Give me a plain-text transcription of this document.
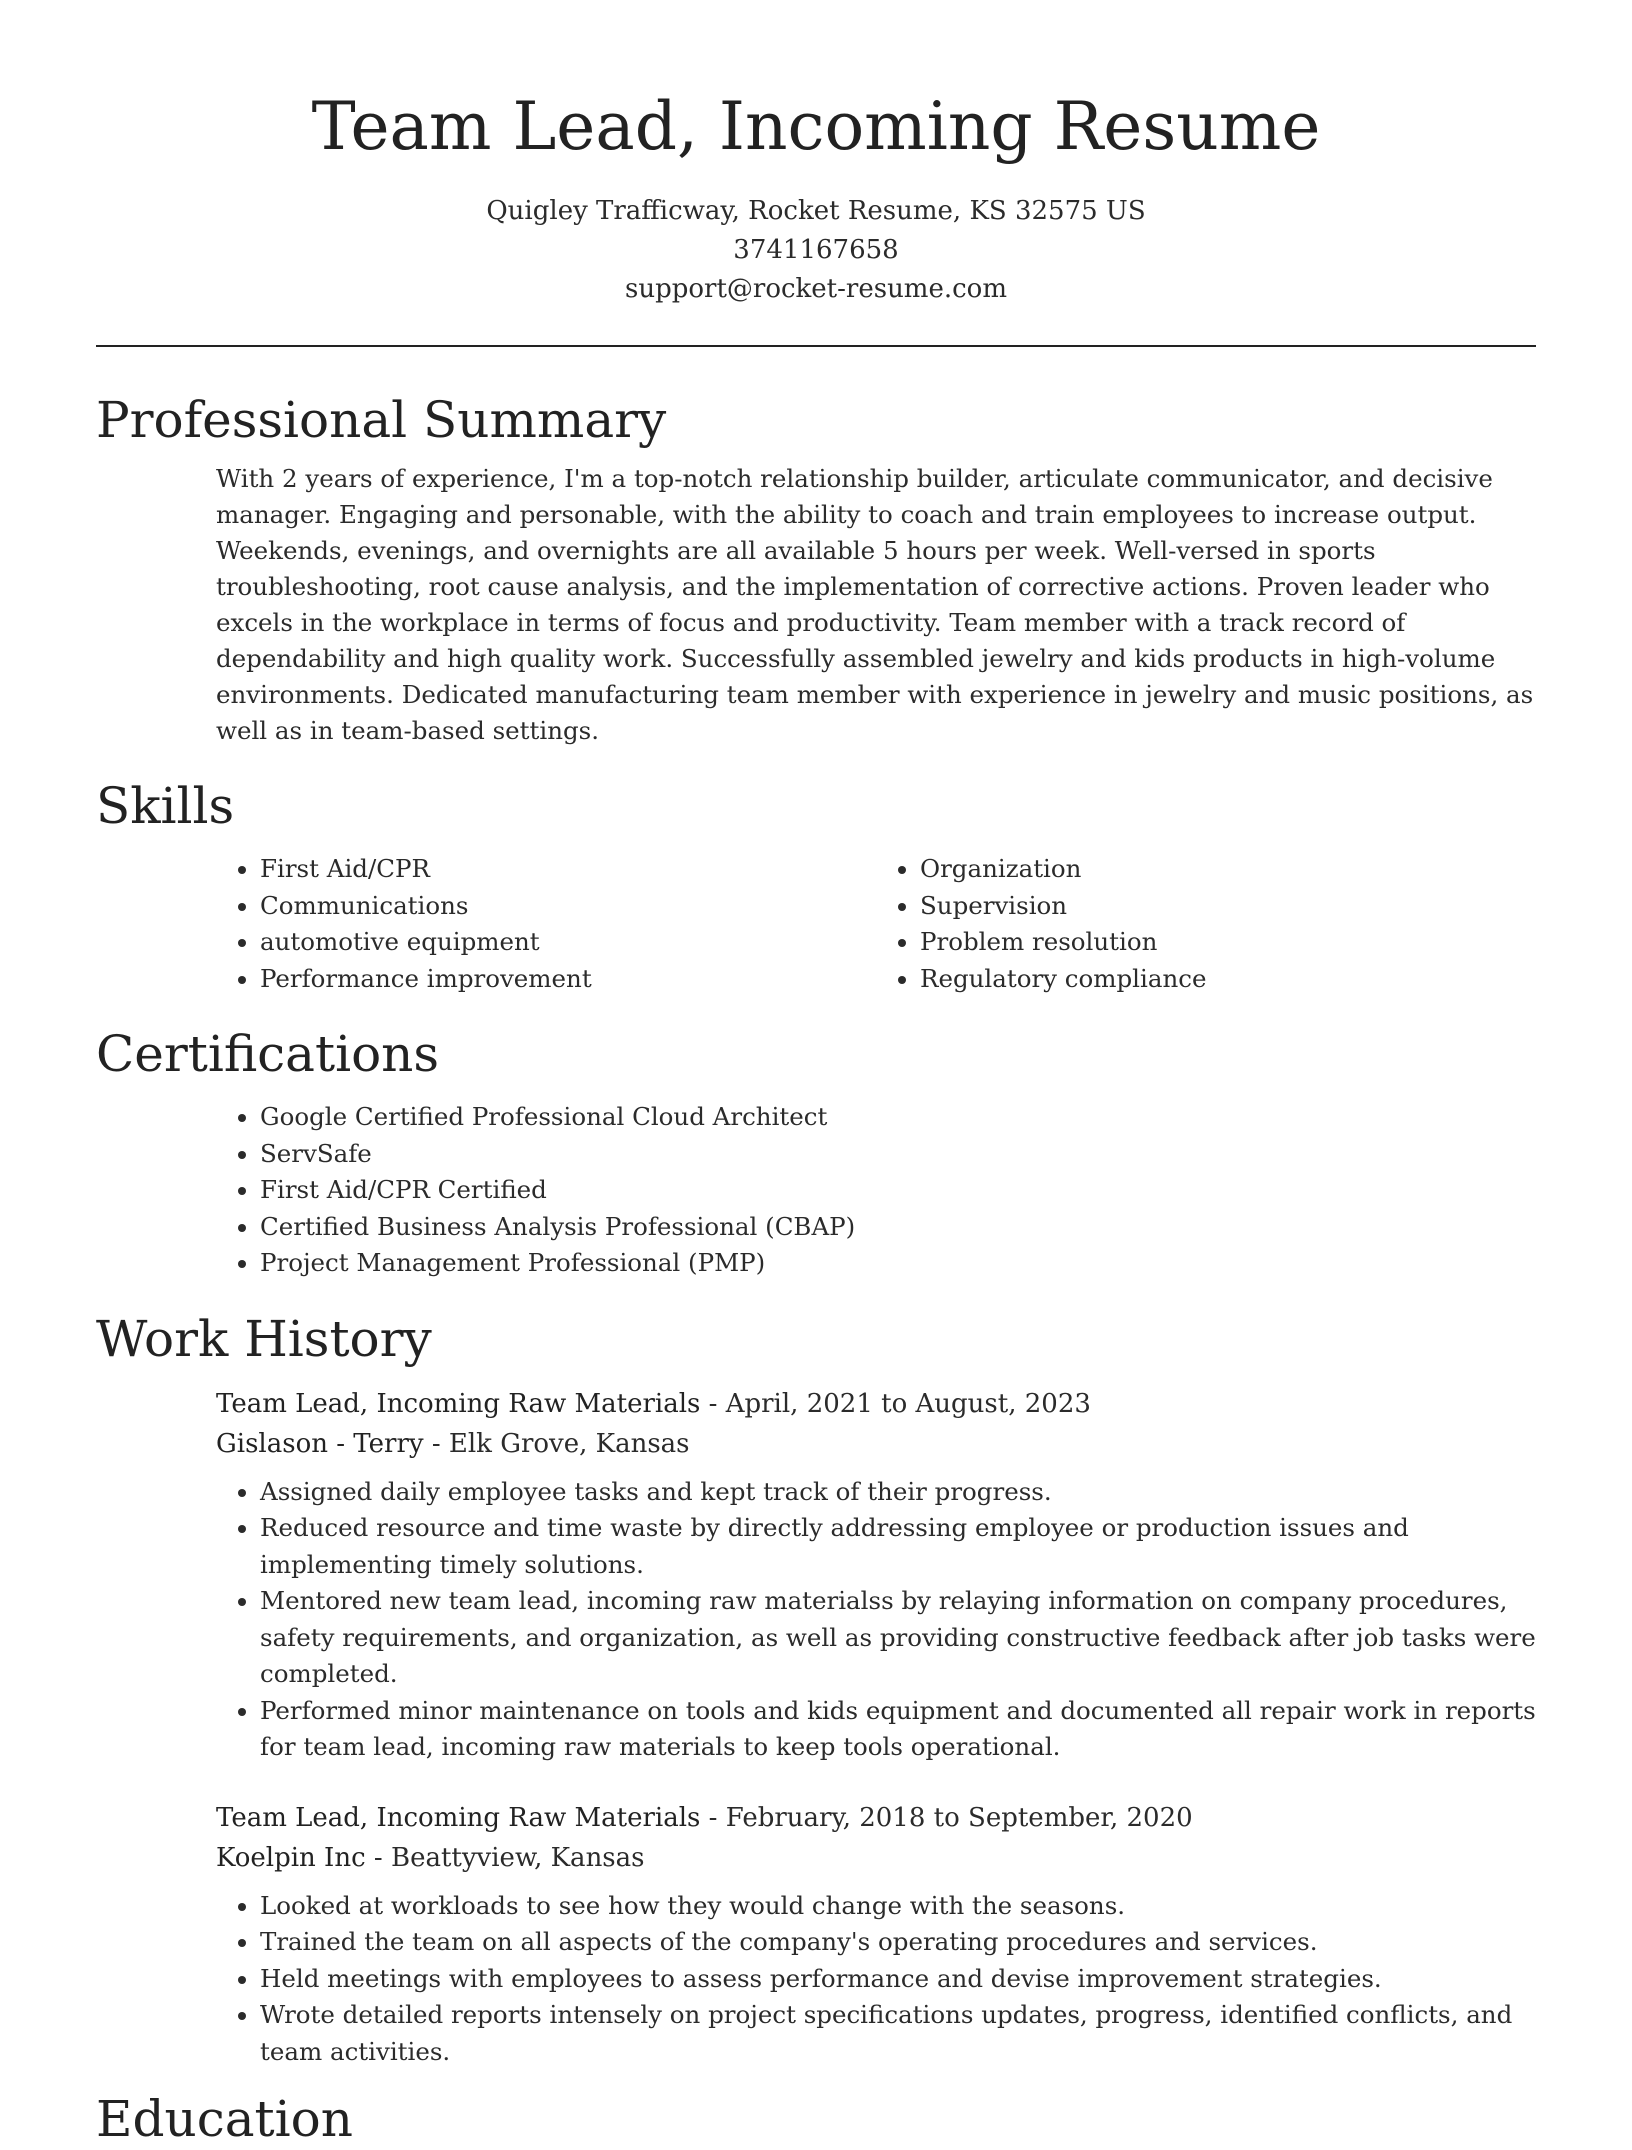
Team Lead, Incoming Resume
Quigley Trafficway, Rocket Resume, KS 32575 US
3741167658
support@rocket-resume.com
Professional Summary

With 2 years of experience, I'm a top-notch relationship builder, articulate communicator, and decisive manager. Engaging and personable, with the ability to coach and train employees to increase output. Weekends, evenings, and overnights are all available 5 hours per week. Well-versed in sports troubleshooting, root cause analysis, and the implementation of corrective actions. Proven leader who excels in the workplace in terms of focus and productivity. Team member with a track record of dependability and high quality work. Successfully assembled jewelry and kids products in high-volume environments. Dedicated manufacturing team member with experience in jewelry and music positions, as well as in team-based settings.

Skills
• First Aid/CPR
• Communications
• automotive equipment
• Performance improvement
• Organization
• Supervision
• Problem resolution
• Regulatory compliance
Certifications
• Google Certified Professional Cloud Architect
• ServSafe
• First Aid/CPR Certified
• Certified Business Analysis Professional (CBAP)
• Project Management Professional (PMP)
Work History
Team Lead, Incoming Raw Materials - April, 2021 to August, 2023
Gislason - Terry - Elk Grove, Kansas
• Assigned daily employee tasks and kept track of their progress.
• Reduced resource and time waste by directly addressing employee or production issues and implementing timely solutions.
• Mentored new team lead, incoming raw materialss by relaying information on company procedures, safety requirements, and organization, as well as providing constructive feedback after job tasks were completed.
• Performed minor maintenance on tools and kids equipment and documented all repair work in reports for team lead, incoming raw materials to keep tools operational.
Team Lead, Incoming Raw Materials - February, 2018 to September, 2020
Koelpin Inc - Beattyview, Kansas
• Looked at workloads to see how they would change with the seasons.
• Trained the team on all aspects of the company's operating procedures and services.
• Held meetings with employees to assess performance and devise improvement strategies.
• Wrote detailed reports intensely on project specifications updates, progress, identified conflicts, and team activities.
Education
